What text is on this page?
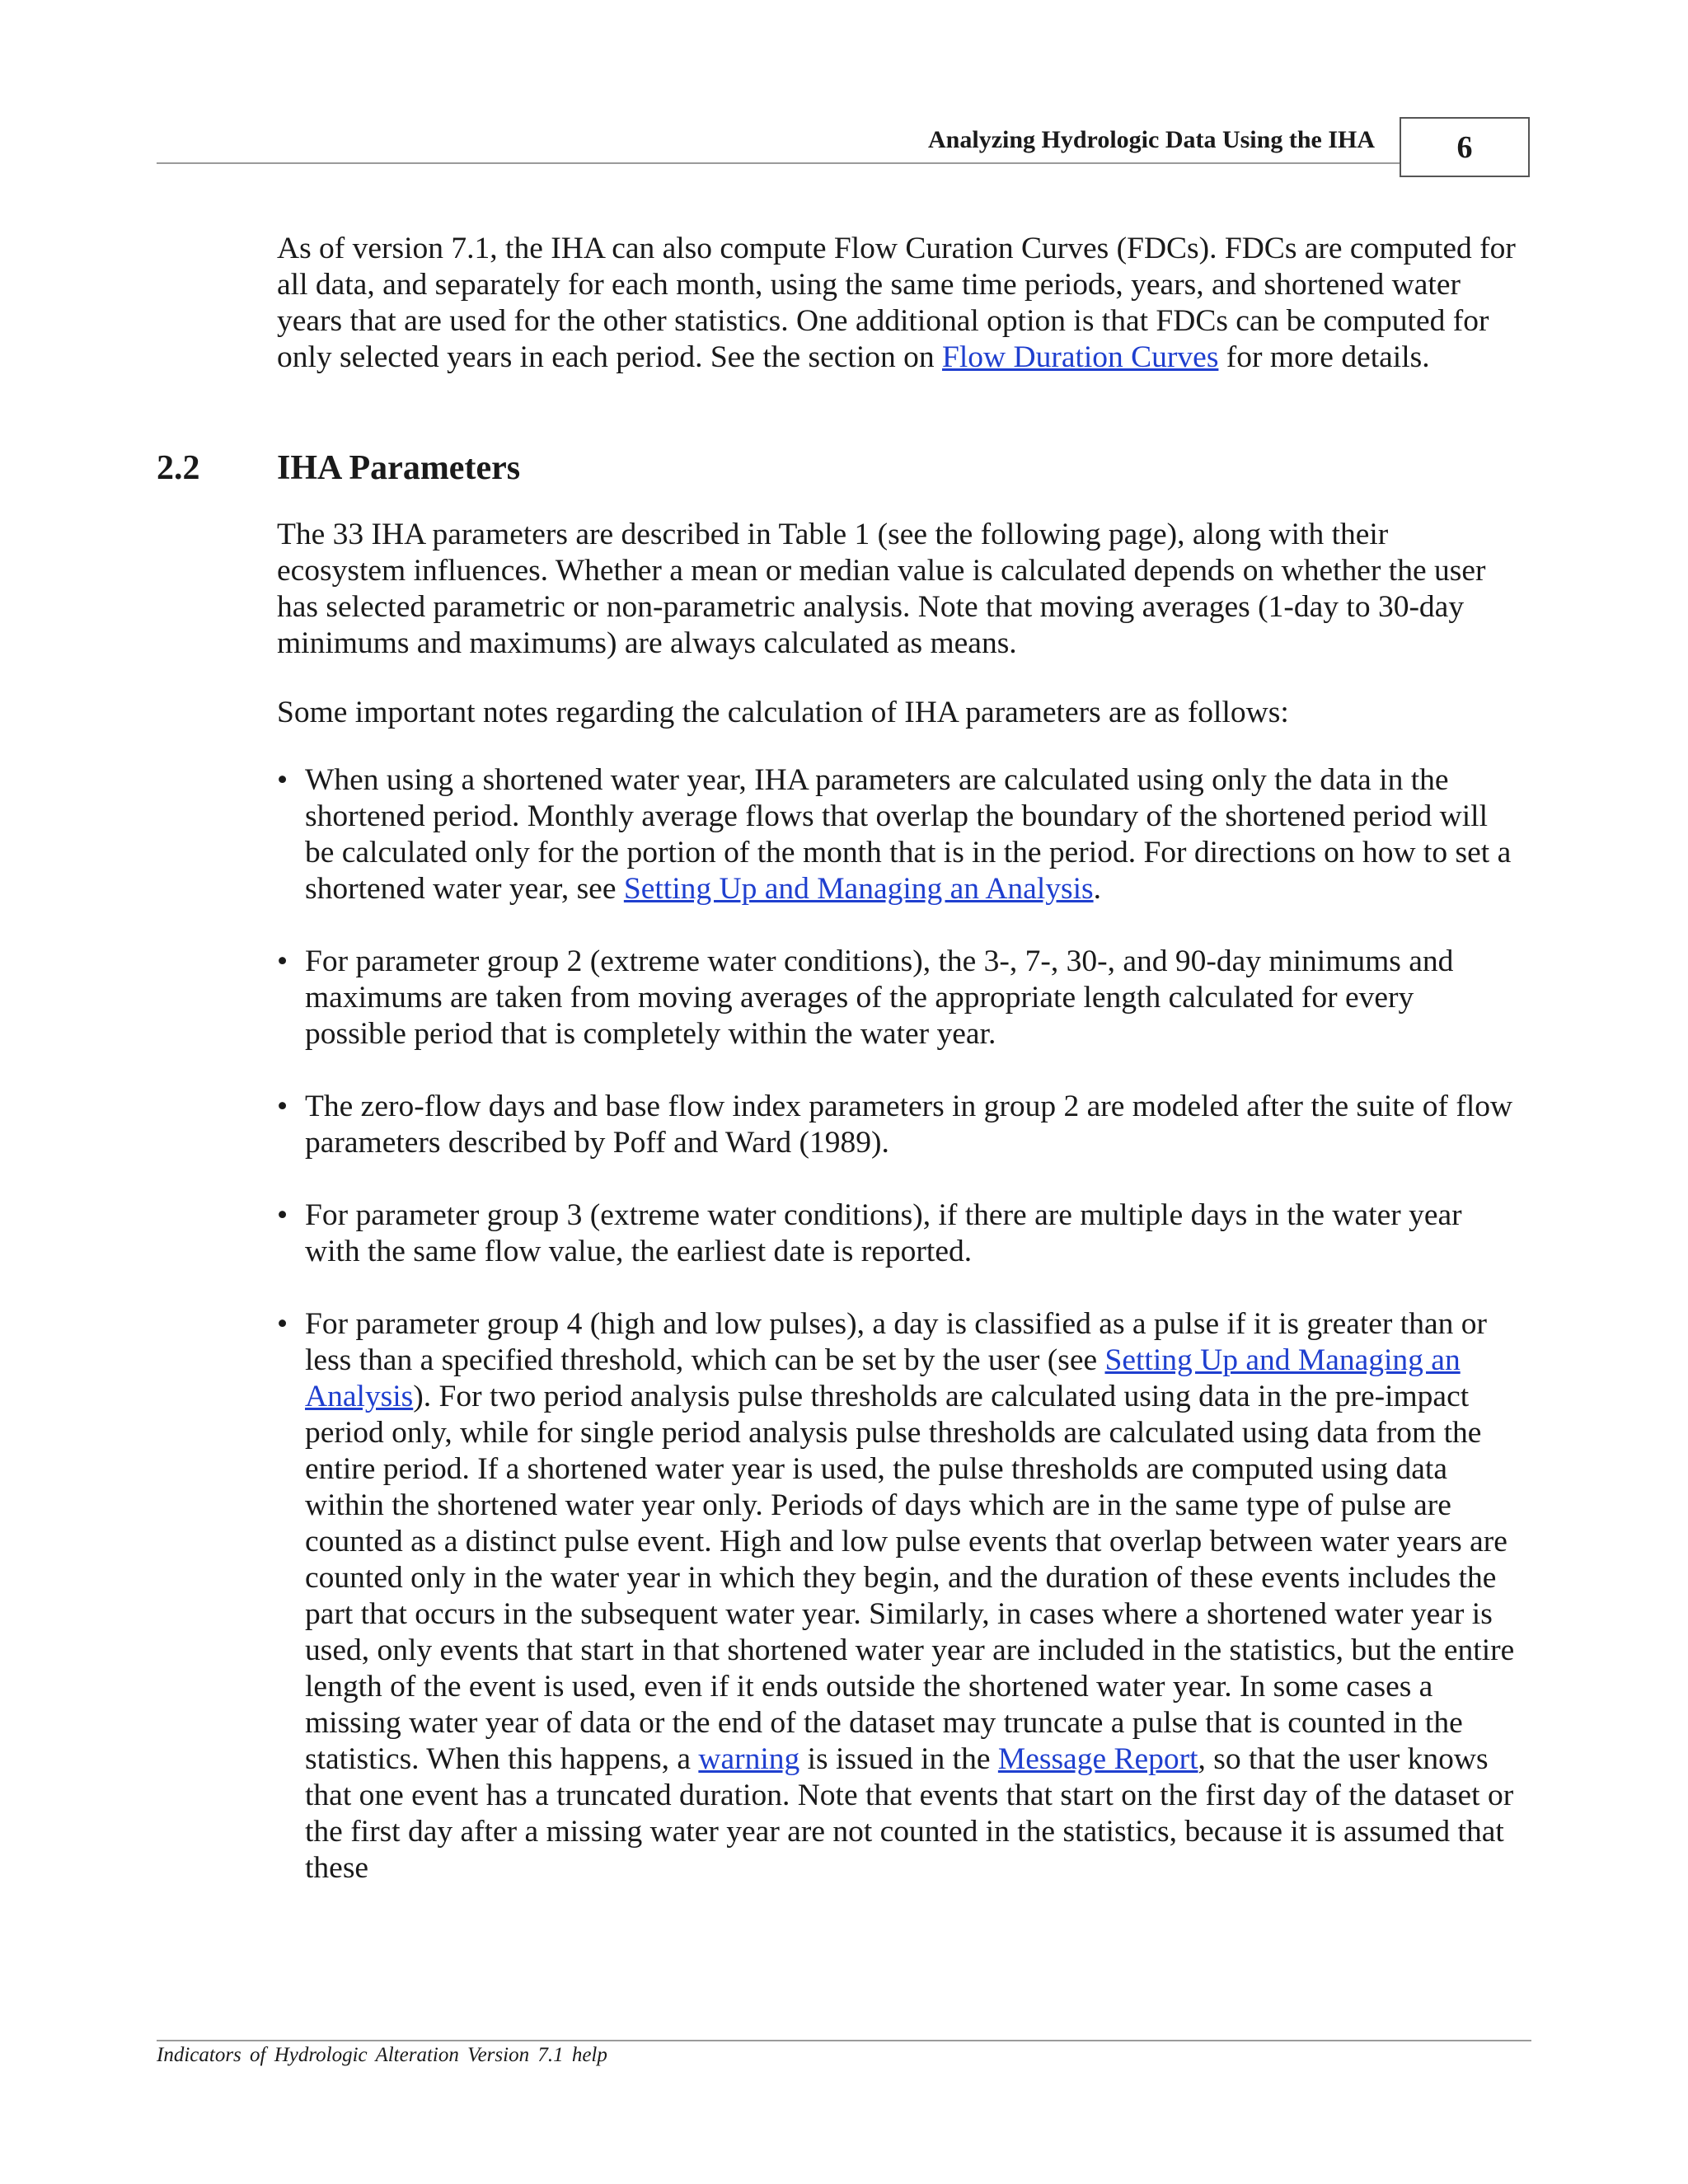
Analyzing Hydrologic Data Using the IHA	6

As of version 7.1, the IHA can also compute Flow Curation Curves (FDCs). FDCs are computed for all data, and separately for each month, using the same time periods, years, and shortened water years that are used for the other statistics. One additional option is that FDCs can be computed for only selected years in each period. See the section on Flow Duration Curves for more details.

2.2 IHA Parameters

The 33 IHA parameters are described in Table 1 (see the following page), along with their ecosystem influences. Whether a mean or median value is calculated depends on whether the user has selected parametric or non-parametric analysis. Note that moving averages (1-day to 30-day minimums and maximums) are always calculated as means.

Some important notes regarding the calculation of IHA parameters are as follows:

• When using a shortened water year, IHA parameters are calculated using only the data in the shortened period. Monthly average flows that overlap the boundary of the shortened period will be calculated only for the portion of the month that is in the period. For directions on how to set a shortened water year, see Setting Up and Managing an Analysis.
• For parameter group 2 (extreme water conditions), the 3-, 7-, 30-, and 90-day minimums and maximums are taken from moving averages of the appropriate length calculated for every possible period that is completely within the water year.
• The zero-flow days and base flow index parameters in group 2 are modeled after the suite of flow parameters described by Poff and Ward (1989).
• For parameter group 3 (extreme water conditions), if there are multiple days in the water year with the same flow value, the earliest date is reported.
• For parameter group 4 (high and low pulses), a day is classified as a pulse if it is greater than or less than a specified threshold, which can be set by the user (see Setting Up and Managing an Analysis). For two period analysis pulse thresholds are calculated using data in the pre-impact period only, while for single period analysis pulse thresholds are calculated using data from the entire period. If a shortened water year is used, the pulse thresholds are computed using data within the shortened water year only. Periods of days which are in the same type of pulse are counted as a distinct pulse event. High and low pulse events that overlap between water years are counted only in the water year in which they begin, and the duration of these events includes the part that occurs in the subsequent water year. Similarly, in cases where a shortened water year is used, only events that start in that shortened water year are included in the statistics, but the entire length of the event is used, even if it ends outside the shortened water year. In some cases a missing water year of data or the end of the dataset may truncate a pulse that is counted in the statistics. When this happens, a warning is issued in the Message Report, so that the user knows that one event has a truncated duration. Note that events that start on the first day of the dataset or the first day after a missing water year are not counted in the statistics, because it is assumed that these
Indicators of Hydrologic Alteration Version 7.1 help
